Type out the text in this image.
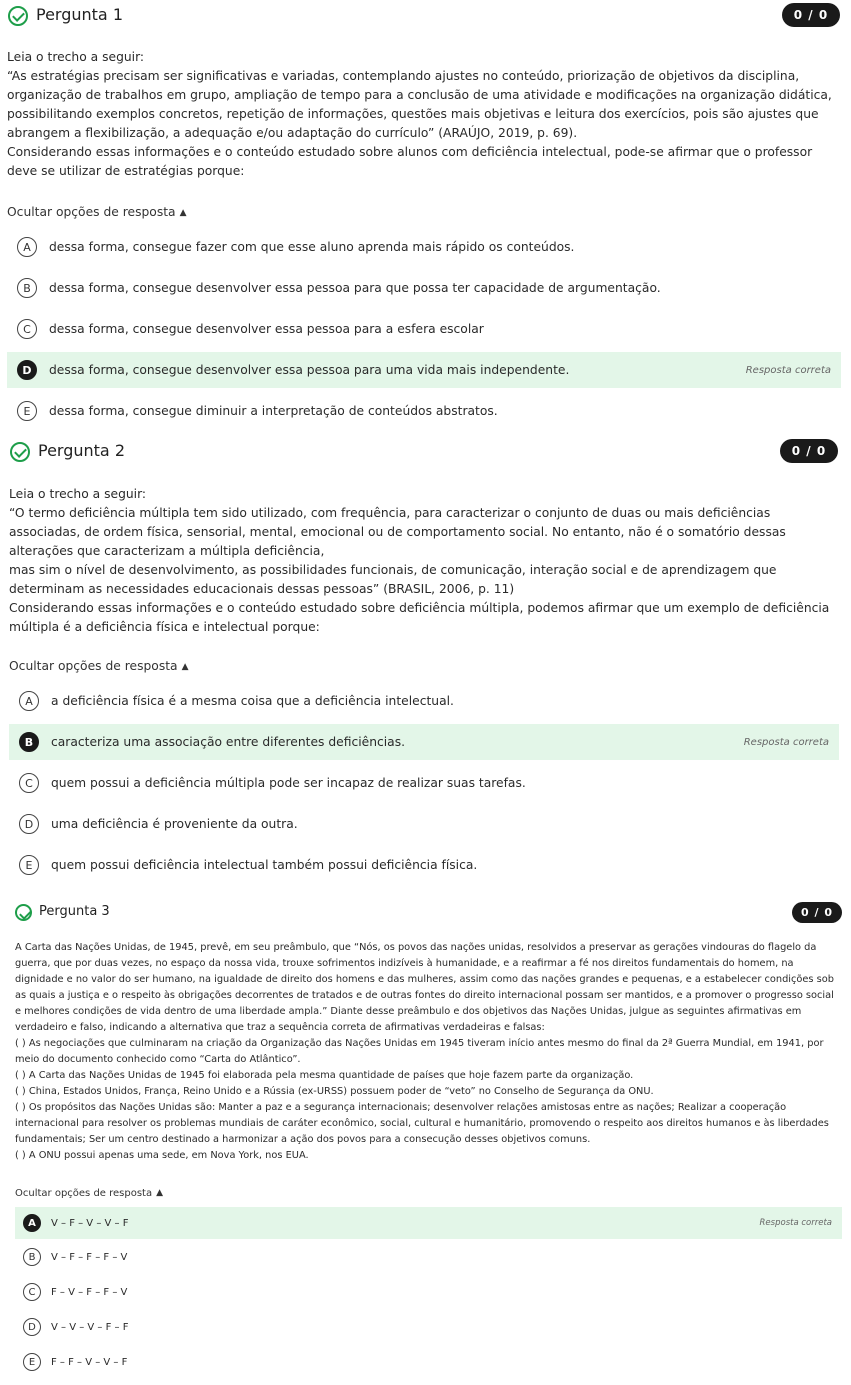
Pergunta 1	0 / 0

Leia o trecho a seguir:

“As estratégias precisam ser significativas e variadas, contemplando ajustes no conteúdo, priorização de objetivos da disciplina, organização de trabalhos em grupo, ampliação de tempo para a conclusão de uma atividade e modificações na organização didática, possibilitando exemplos concretos, repetição de informações, questões mais objetivas e leitura dos exercícios, pois são ajustes que abrangem a flexibilização, a adequação e/ou adaptação do currículo” (ARAÚJO, 2019, p. 69).

Considerando essas informações e o conteúdo estudado sobre alunos com deficiência intelectual, pode-se afirmar que o professor deve se utilizar de estratégias porque:

Ocultar opções de resposta ▲
A	dessa forma, consegue fazer com que esse aluno aprenda mais rápido os conteúdos.
B	dessa forma, consegue desenvolver essa pessoa para que possa ter capacidade de argumentação.
C	dessa forma, consegue desenvolver essa pessoa para a esfera escolar
D	dessa forma, consegue desenvolver essa pessoa para uma vida mais independente.	Resposta correta
E	dessa forma, consegue diminuir a interpretação de conteúdos abstratos.
Pergunta 2	0 / 0

Leia o trecho a seguir:

“O termo deficiência múltipla tem sido utilizado, com frequência, para caracterizar o conjunto de duas ou mais deficiências associadas, de ordem física, sensorial, mental, emocional ou de comportamento social. No entanto, não é o somatório dessas alterações que caracterizam a múltipla deficiência,

mas sim o nível de desenvolvimento, as possibilidades funcionais, de comunicação, interação social e de aprendizagem que determinam as necessidades educacionais dessas pessoas” (BRASIL, 2006, p. 11)

Considerando essas informações e o conteúdo estudado sobre deficiência múltipla, podemos afirmar que um exemplo de deficiência múltipla é a deficiência física e intelectual porque:

Ocultar opções de resposta ▲
A	a deficiência física é a mesma coisa que a deficiência intelectual.
B	caracteriza uma associação entre diferentes deficiências.	Resposta correta
C	quem possui a deficiência múltipla pode ser incapaz de realizar suas tarefas.
D	uma deficiência é proveniente da outra.
E	quem possui deficiência intelectual também possui deficiência física.
Pergunta 3	0 / 0

A Carta das Nações Unidas, de 1945, prevê, em seu preâmbulo, que “Nós, os povos das nações unidas, resolvidos a preservar as gerações vindouras do flagelo da guerra, que por duas vezes, no espaço da nossa vida, trouxe sofrimentos indizíveis à humanidade, e a reafirmar a fé nos direitos fundamentais do homem, na dignidade e no valor do ser humano, na igualdade de direito dos homens e das mulheres, assim como das nações grandes e pequenas, e a estabelecer condições sob as quais a justiça e o respeito às obrigações decorrentes de tratados e de outras fontes do direito internacional possam ser mantidos, e a promover o progresso social e melhores condições de vida dentro de uma liberdade ampla.” Diante desse preâmbulo e dos objetivos das Nações Unidas, julgue as seguintes afirmativas em verdadeiro e falso, indicando a alternativa que traz a sequência correta de afirmativas verdadeiras e falsas:

( ) As negociações que culminaram na criação da Organização das Nações Unidas em 1945 tiveram início antes mesmo do final da 2ª Guerra Mundial, em 1941, por meio do documento conhecido como “Carta do Atlântico”.

( ) A Carta das Nações Unidas de 1945 foi elaborada pela mesma quantidade de países que hoje fazem parte da organização.

( ) China, Estados Unidos, França, Reino Unido e a Rússia (ex-URSS) possuem poder de “veto” no Conselho de Segurança da ONU.

( ) Os propósitos das Nações Unidas são: Manter a paz e a segurança internacionais; desenvolver relações amistosas entre as nações; Realizar a cooperação internacional para resolver os problemas mundiais de caráter econômico, social, cultural e humanitário, promovendo o respeito aos direitos humanos e às liberdades fundamentais; Ser um centro destinado a harmonizar a ação dos povos para a consecução desses objetivos comuns.

( ) A ONU possui apenas uma sede, em Nova York, nos EUA.

Ocultar opções de resposta ▲
A	V – F – V – V – F	Resposta correta
B	V – F – F – F – V
C	F – V – F – F – V
D	V – V – V – F – F
E	F – F – V – V – F
